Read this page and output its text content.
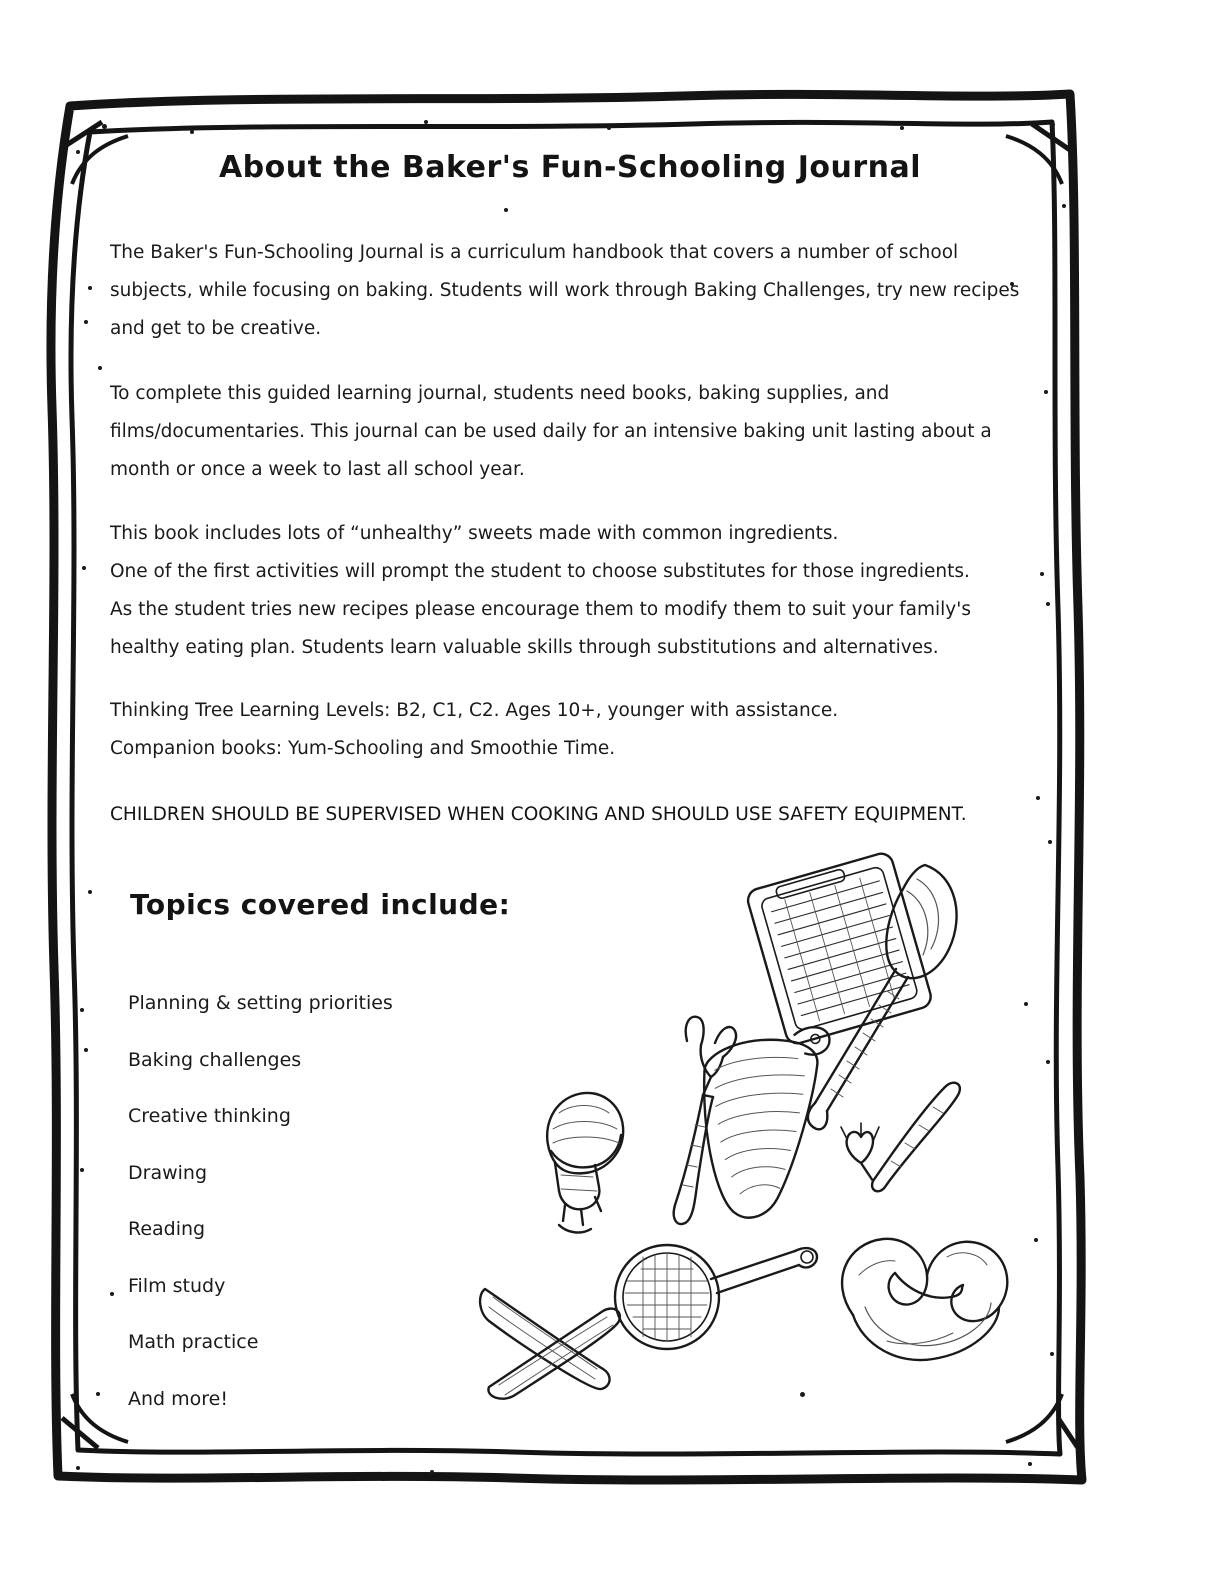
About the Baker's Fun-Schooling Journal

The Baker's Fun-Schooling Journal is a curriculum handbook that covers a number of school subjects, while focusing on baking. Students will work through Baking Challenges, try new recipes and get to be creative.

To complete this guided learning journal, students need books, baking supplies, and films/documentaries. This journal can be used daily for an intensive baking unit lasting about a month or once a week to last all school year.

This book includes lots of “unhealthy” sweets made with common ingredients.

One of the first activities will prompt the student to choose substitutes for those ingredients.

As the student tries new recipes please encourage them to modify them to suit your family's

healthy eating plan. Students learn valuable skills through substitutions and alternatives.

Thinking Tree Learning Levels: B2, C1, C2. Ages 10+, younger with assistance.

Companion books: Yum-Schooling and Smoothie Time.

CHILDREN SHOULD BE SUPERVISED WHEN COOKING AND SHOULD USE SAFETY EQUIPMENT.
Topics covered include:
Planning & setting priorities
Baking challenges
Creative thinking
Drawing
Reading
Film study
Math practice
And more!
